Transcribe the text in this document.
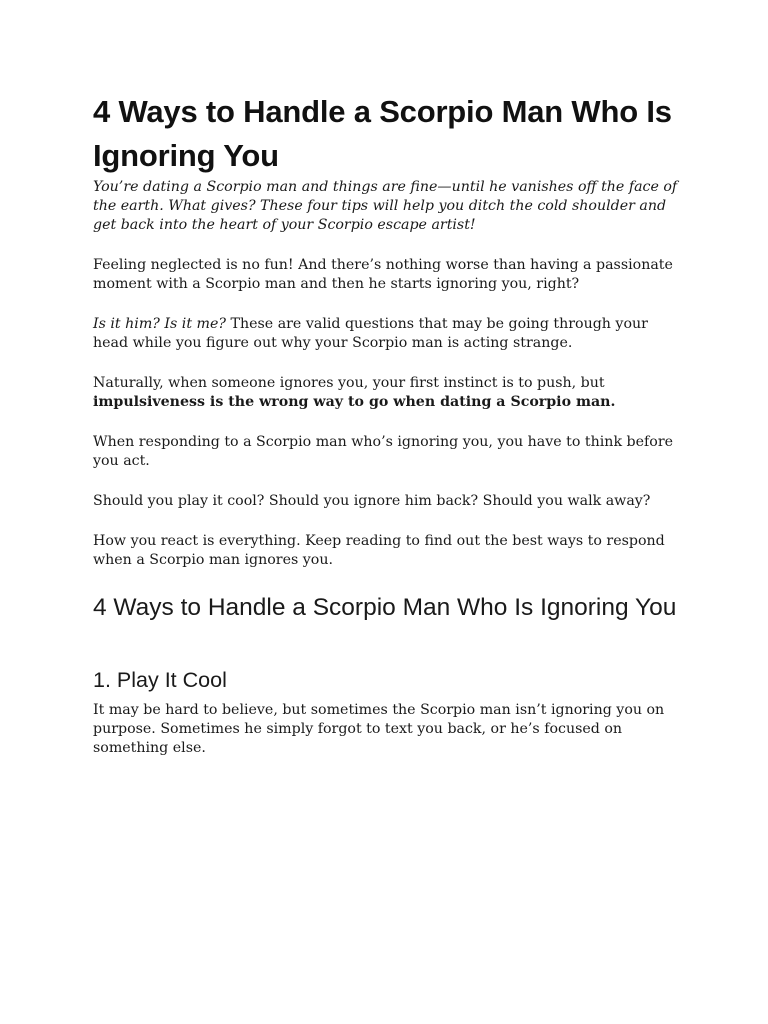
4 Ways to Handle a Scorpio Man Who Is Ignoring You

You’re dating a Scorpio man and things are fine—until he vanishes off the face of the earth. What gives? These four tips will help you ditch the cold shoulder and get back into the heart of your Scorpio escape artist!

Feeling neglected is no fun! And there’s nothing worse than having a passionate moment with a Scorpio man and then he starts ignoring you, right?

Is it him? Is it me? These are valid questions that may be going through your head while you figure out why your Scorpio man is acting strange.

Naturally, when someone ignores you, your first instinct is to push, but impulsiveness is the wrong way to go when dating a Scorpio man.

When responding to a Scorpio man who’s ignoring you, you have to think before you act.

Should you play it cool? Should you ignore him back? Should you walk away?

How you react is everything. Keep reading to find out the best ways to respond when a Scorpio man ignores you.

4 Ways to Handle a Scorpio Man Who Is Ignoring You
1. Play It Cool

It may be hard to believe, but sometimes the Scorpio man isn’t ignoring you on purpose. Sometimes he simply forgot to text you back, or he’s focused on something else.
